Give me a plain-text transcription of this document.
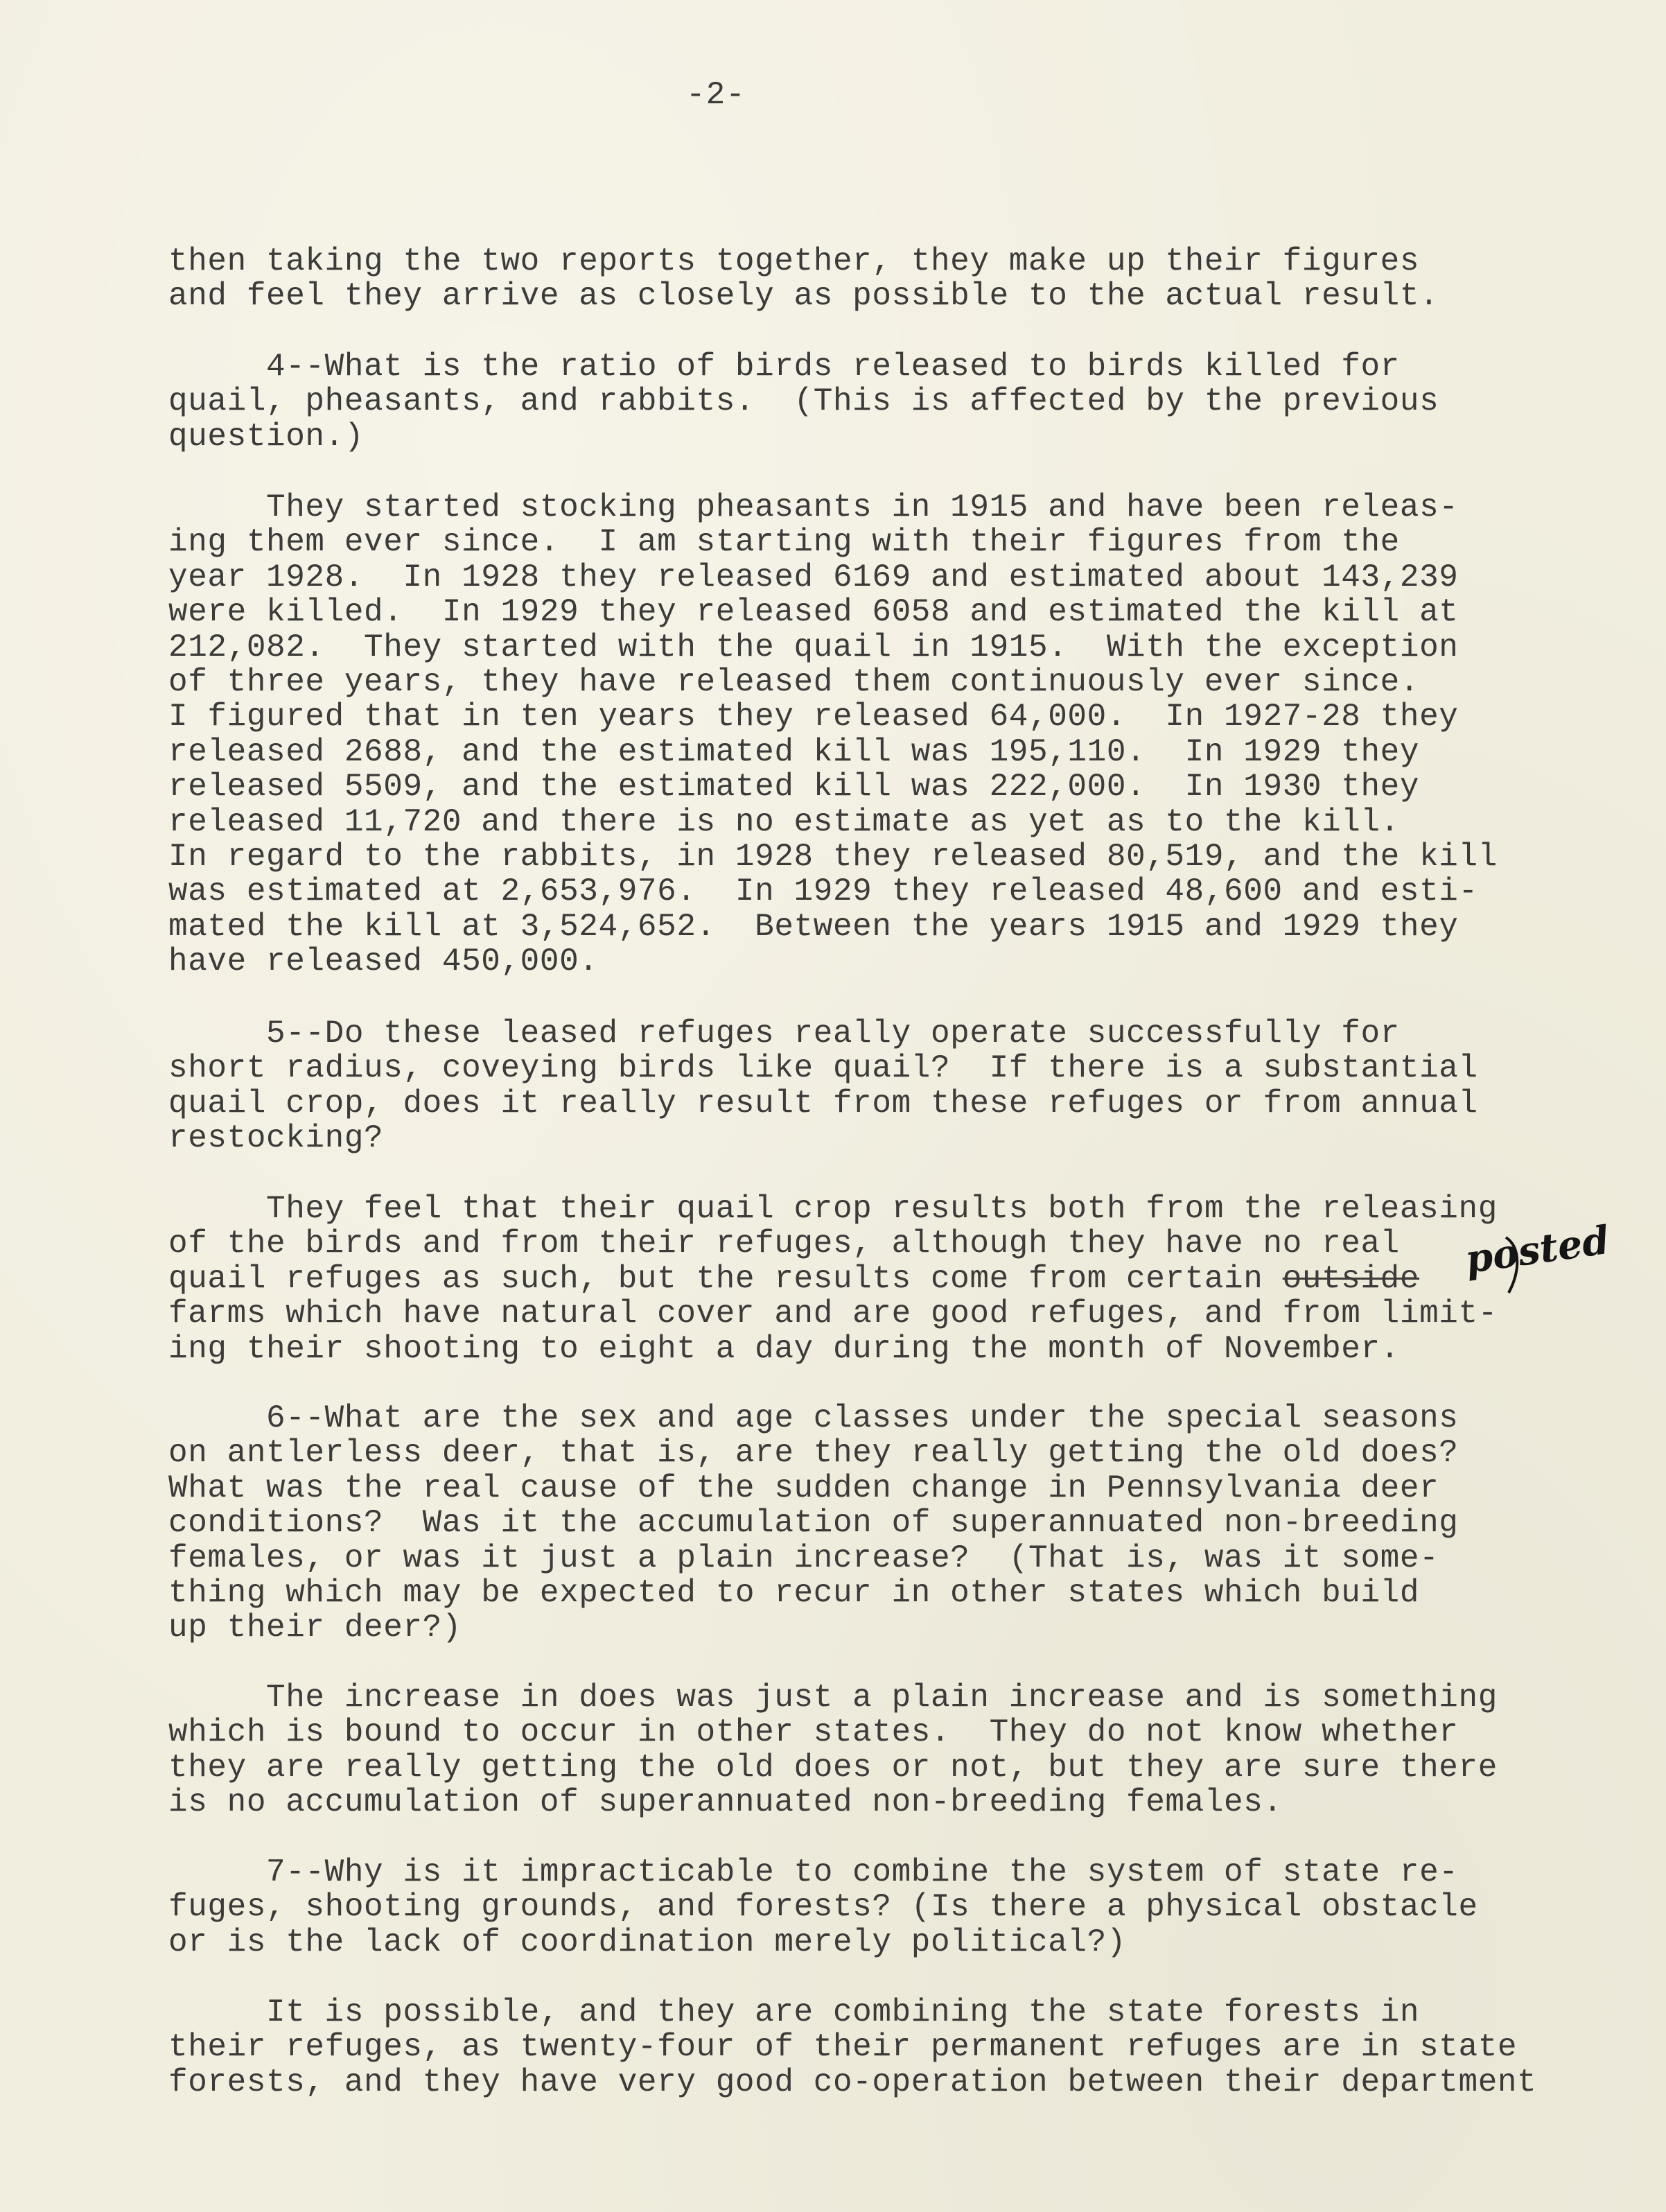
-2-
then taking the two reports together, they make up their figures
and feel they arrive as closely as possible to the actual result.
4--What is the ratio of birds released to birds killed for
quail, pheasants, and rabbits.  (This is affected by the previous
question.)
They started stocking pheasants in 1915 and have been releas-
ing them ever since.  I am starting with their figures from the
year 1928.  In 1928 they released 6169 and estimated about 143,239
were killed.  In 1929 they released 6058 and estimated the kill at
212,082.  They started with the quail in 1915.  With the exception
of three years, they have released them continuously ever since.
I figured that in ten years they released 64,000.  In 1927-28 they
released 2688, and the estimated kill was 195,110.  In 1929 they
released 5509, and the estimated kill was 222,000.  In 1930 they
released 11,720 and there is no estimate as yet as to the kill.
In regard to the rabbits, in 1928 they released 80,519, and the kill
was estimated at 2,653,976.  In 1929 they released 48,600 and esti-
mated the kill at 3,524,652.  Between the years 1915 and 1929 they
have released 450,000.
5--Do these leased refuges really operate successfully for
short radius, coveying birds like quail?  If there is a substantial
quail crop, does it really result from these refuges or from annual
restocking?
They feel that their quail crop results both from the releasing
of the birds and from their refuges, although they have no real
quail refuges as such, but the results come from certain outside
farms which have natural cover and are good refuges, and from limit-
ing their shooting to eight a day during the month of November.
posted
6--What are the sex and age classes under the special seasons
on antlerless deer, that is, are they really getting the old does?
What was the real cause of the sudden change in Pennsylvania deer
conditions?  Was it the accumulation of superannuated non-breeding
females, or was it just a plain increase?  (That is, was it some-
thing which may be expected to recur in other states which build
up their deer?)
The increase in does was just a plain increase and is something
which is bound to occur in other states.  They do not know whether
they are really getting the old does or not, but they are sure there
is no accumulation of superannuated non-breeding females.
7--Why is it impracticable to combine the system of state re-
fuges, shooting grounds, and forests? (Is there a physical obstacle
or is the lack of coordination merely political?)
It is possible, and they are combining the state forests in
their refuges, as twenty-four of their permanent refuges are in state
forests, and they have very good co-operation between their department
